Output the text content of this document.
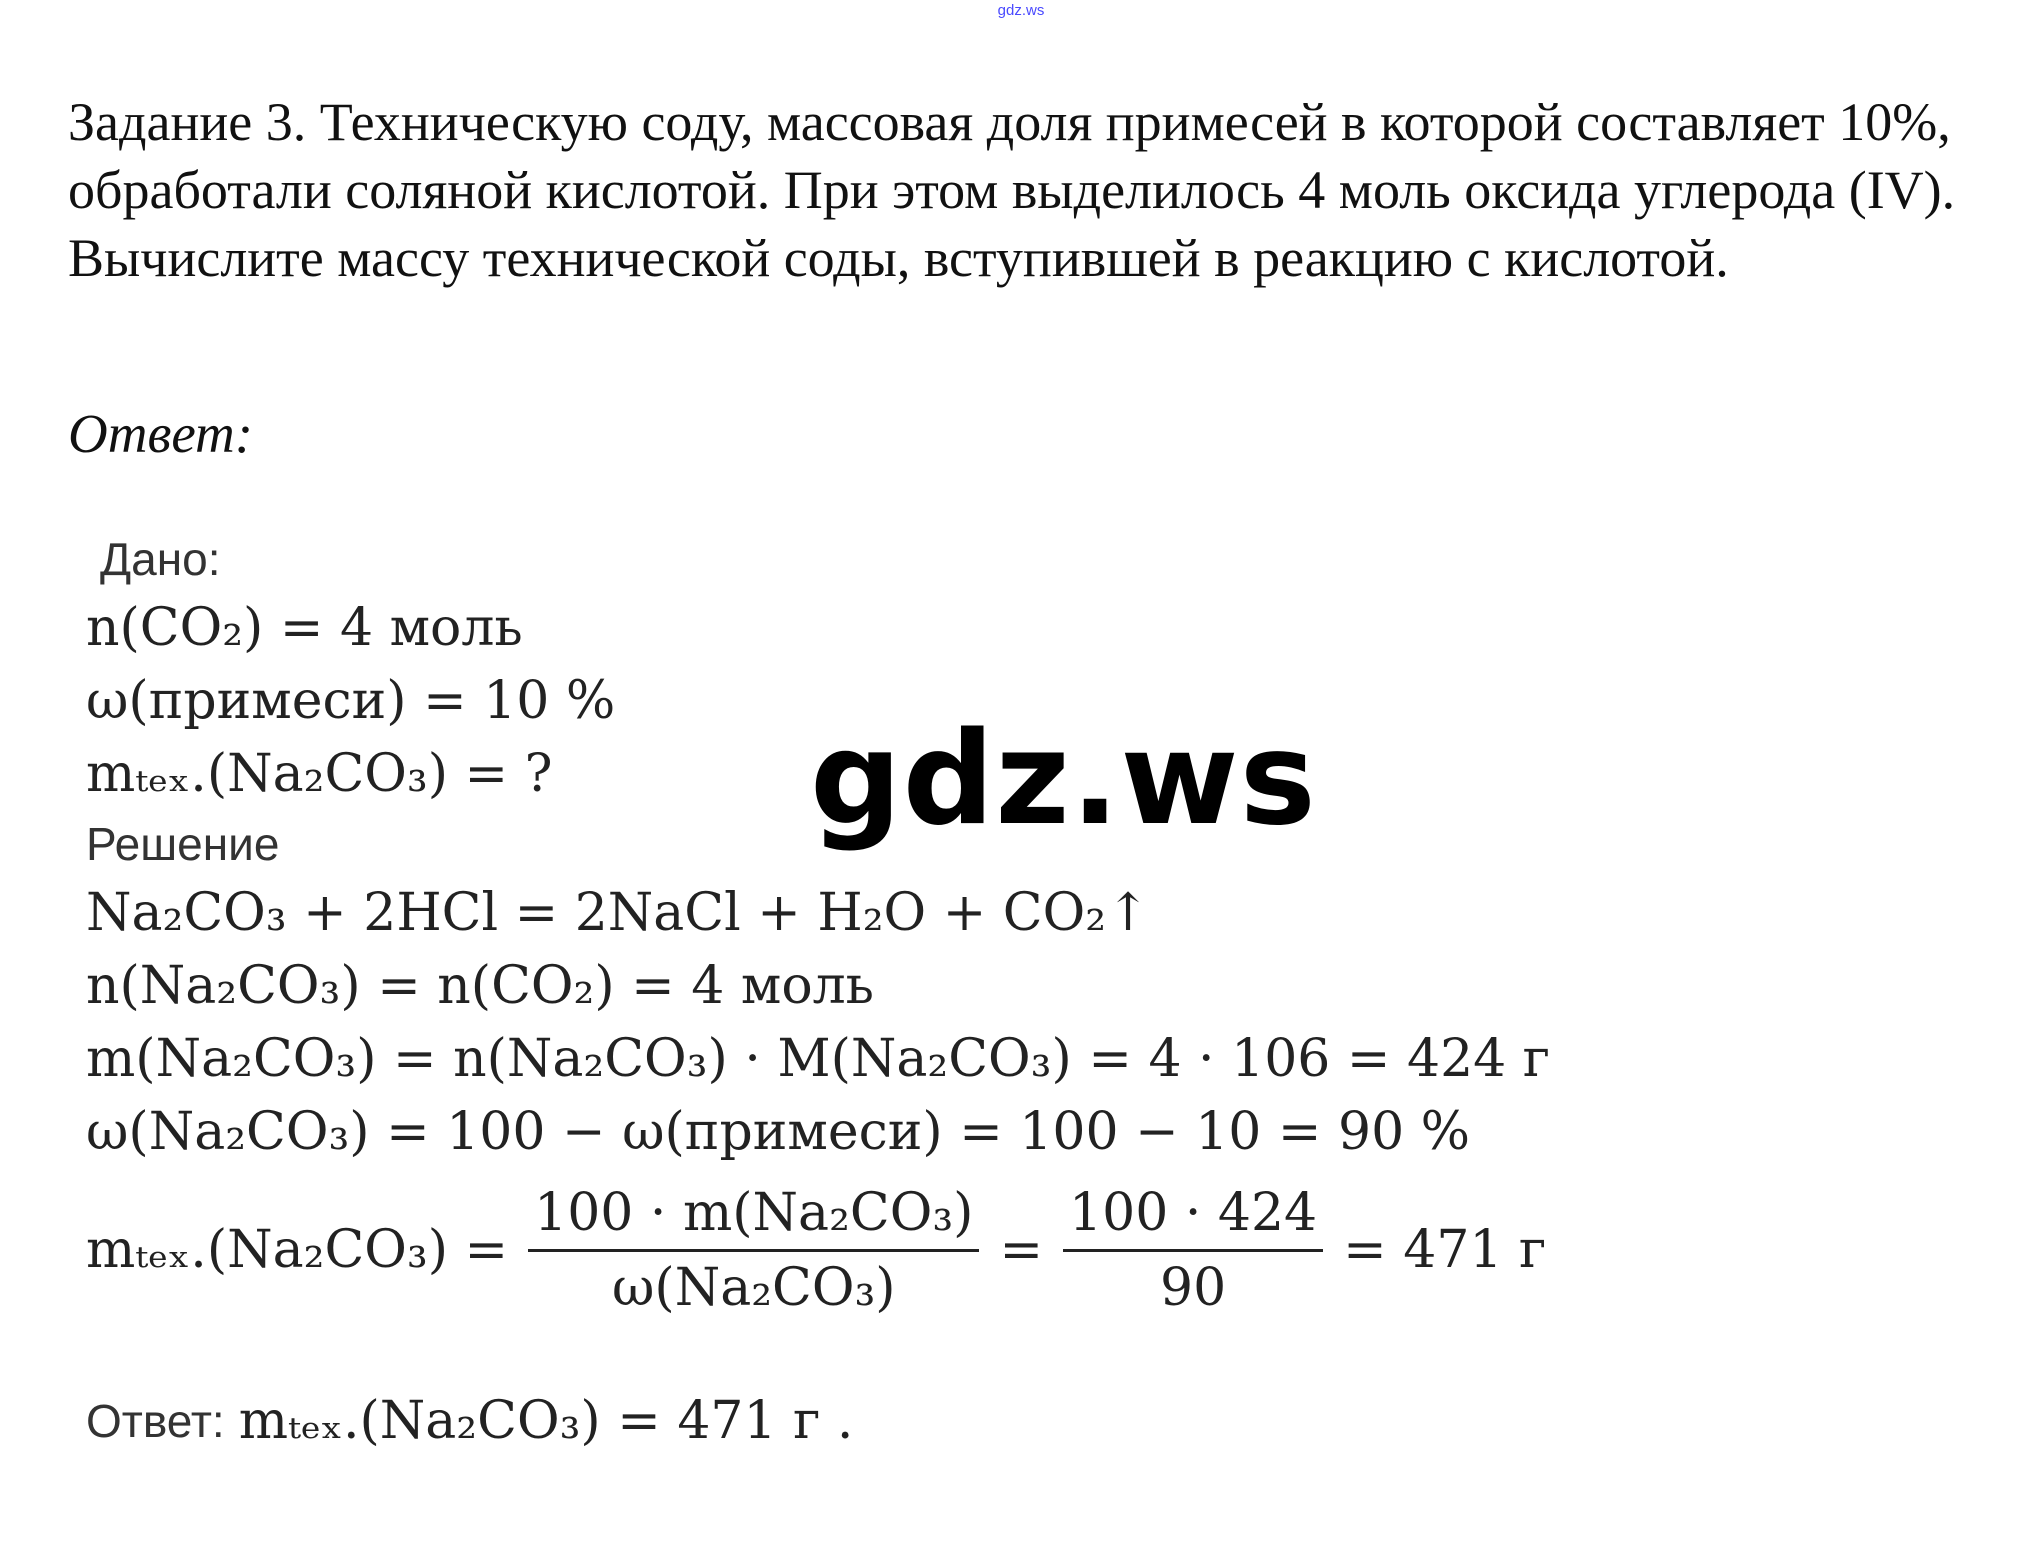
gdz.ws
Задание 3. Техническую соду, массовая доля примесей в которой составляет 10%, обработали соляной кислотой. При этом выделилось 4 моль оксида углерода (IV). Вычислите массу технической соды, вступившей в реакцию с кислотой.
Ответ:
Дано:
n(CO₂) = 4 моль
ω(примеси) = 10 %
mₜₑₓ.(Na₂CO₃) = ?
Решение
Na₂CO₃ + 2HCl = 2NaCl + H₂O + CO₂↑
n(Na₂CO₃) = n(CO₂) = 4 моль
m(Na₂CO₃) = n(Na₂CO₃) · M(Na₂CO₃) = 4 · 106 = 424 г
ω(Na₂CO₃) = 100 − ω(примеси) = 100 − 10 = 90 %
$m_{tex}.(Na_2CO_3) = \frac{\text{100 · m(Na₂CO₃)}}{\text{ω(Na₂CO₃)}} = \frac{100 \cdot 424}{90} = 471$ г
Ответ: mₜₑₓ.(Na₂CO₃) = 471 г .
gdz.ws
